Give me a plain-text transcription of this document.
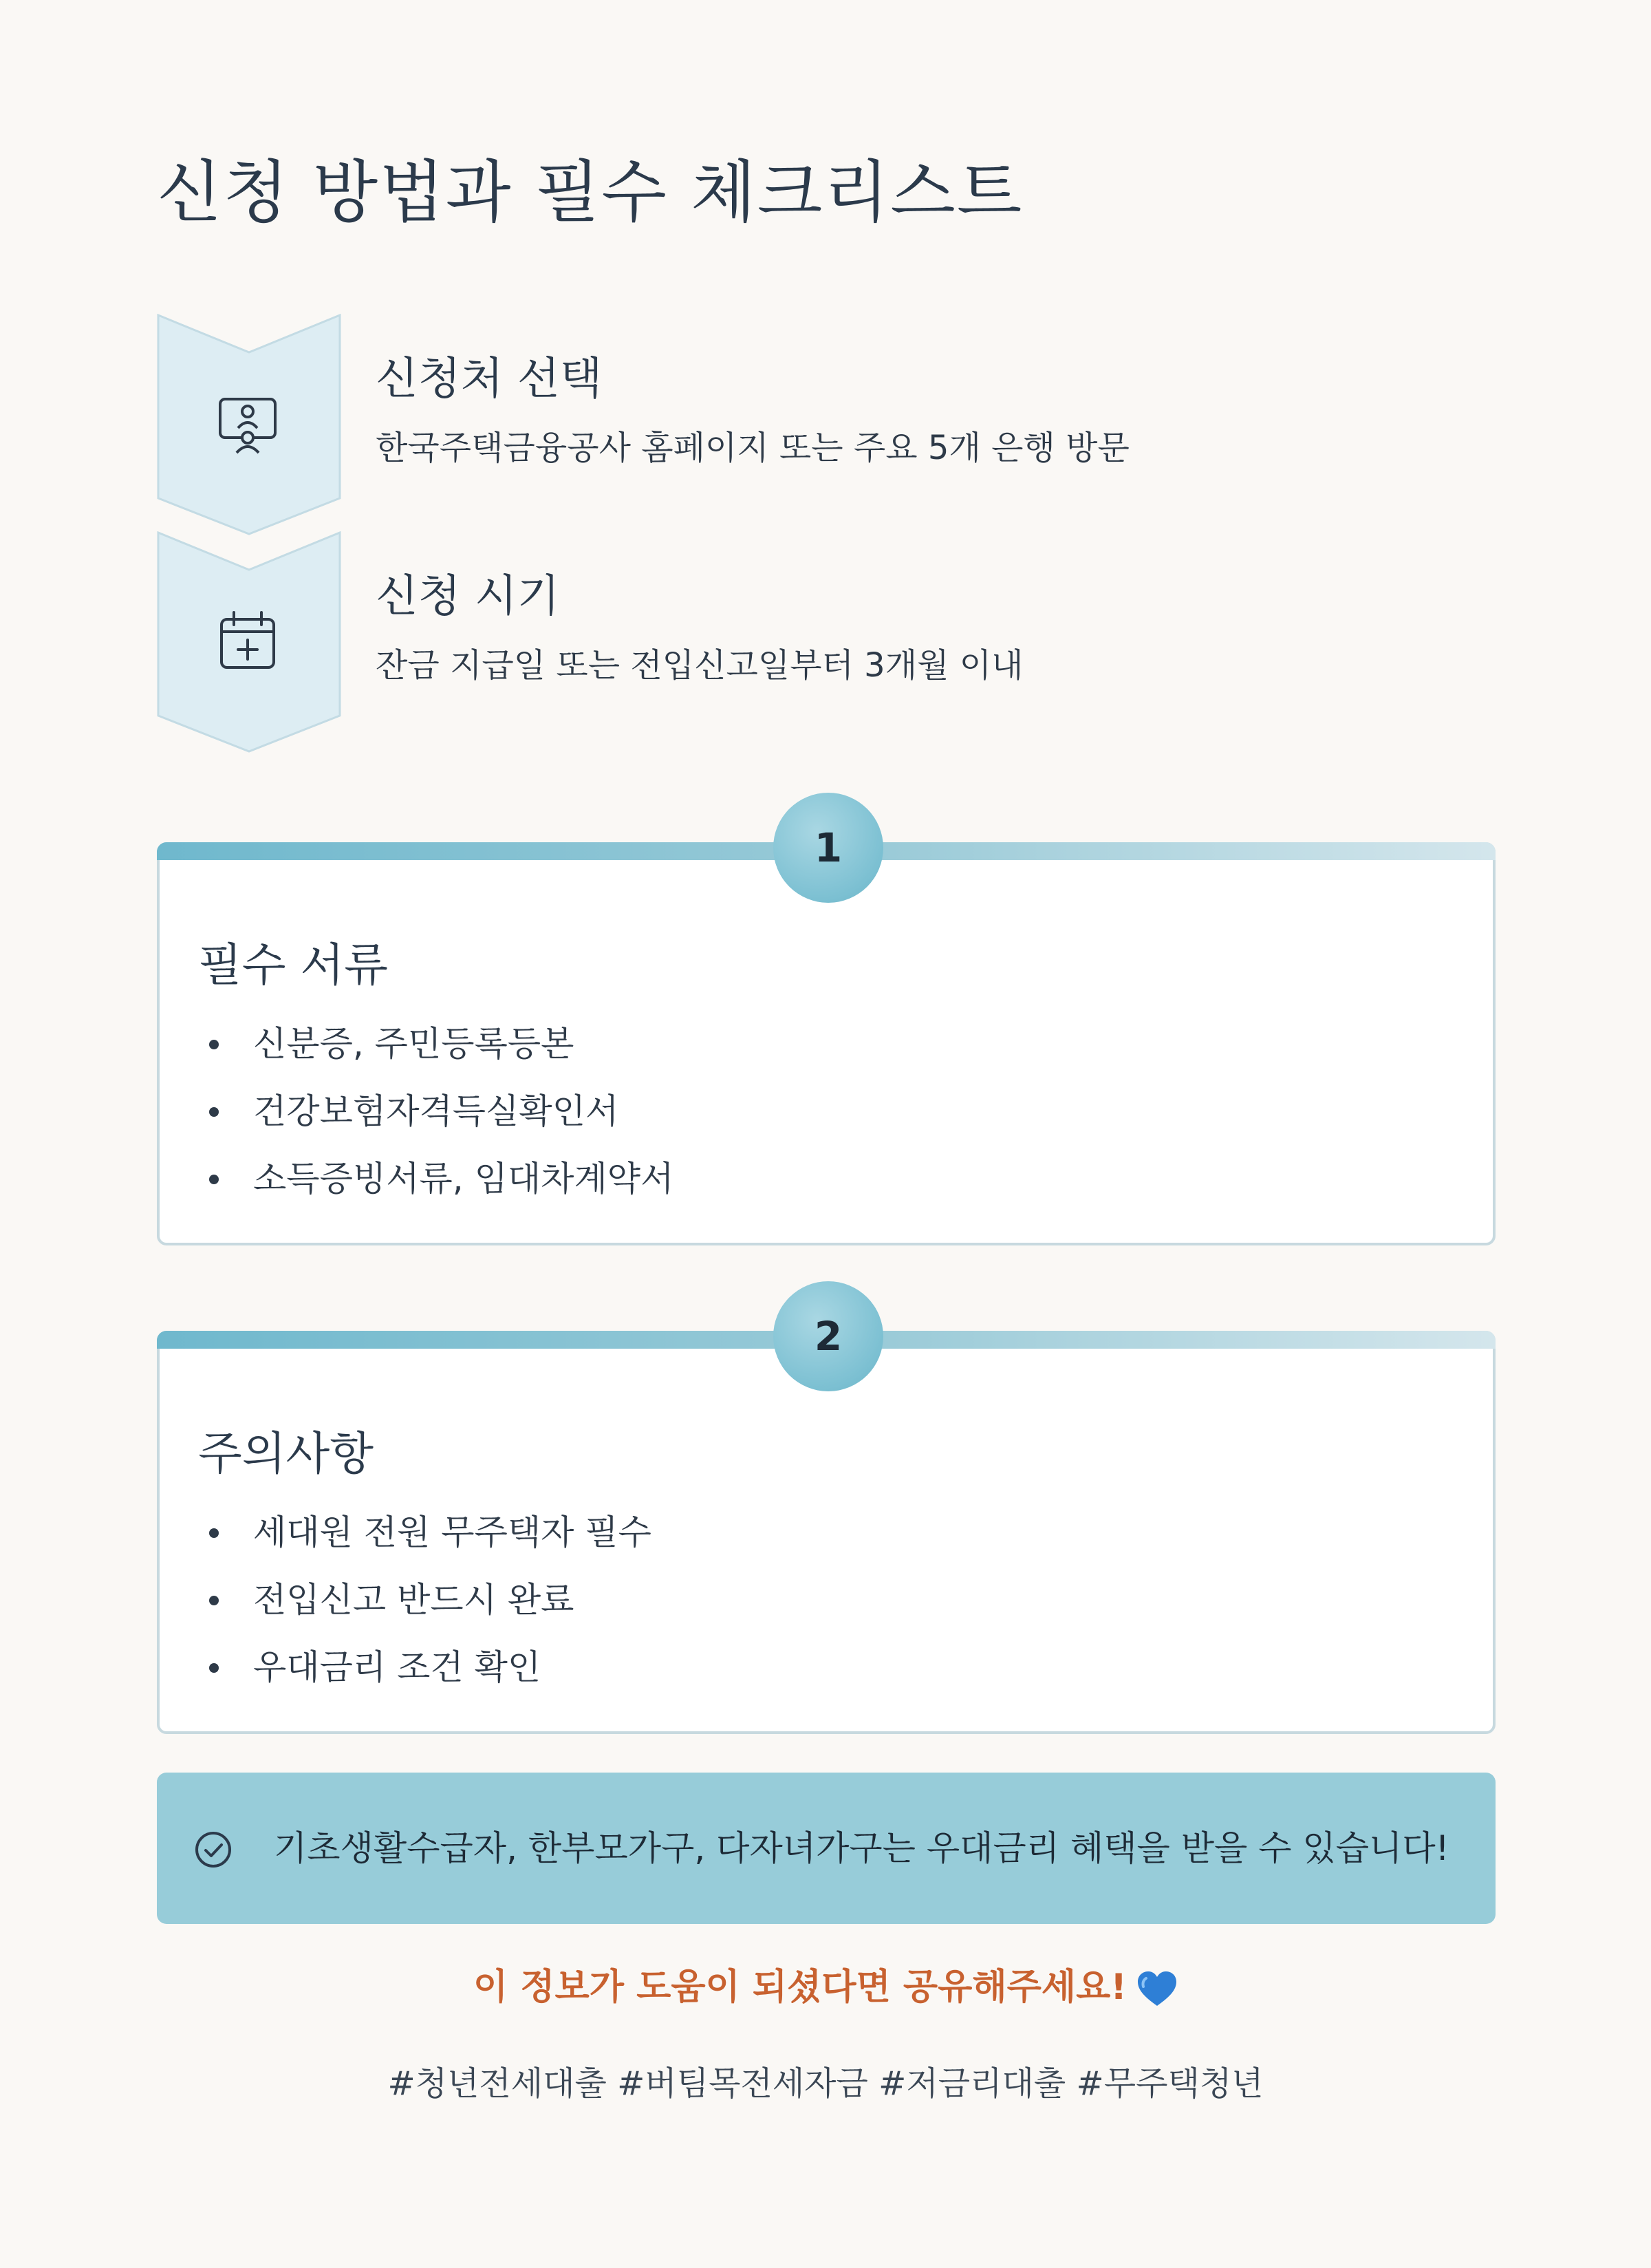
신청 방법과 필수 체크리스트
신청처 선택
한국주택금융공사 홈페이지 또는 주요 5개 은행 방문
신청 시기
잔금 지급일 또는 전입신고일부터 3개월 이내
1
필수 서류
신분증, 주민등록등본
건강보험자격득실확인서
소득증빙서류, 임대차계약서
2
주의사항
세대원 전원 무주택자 필수
전입신고 반드시 완료
우대금리 조건 확인
기초생활수급자, 한부모가구, 다자녀가구는 우대금리 혜택을 받을 수 있습니다!
이 정보가 도움이 되셨다면 공유해주세요!
#청년전세대출 #버팀목전세자금 #저금리대출 #무주택청년
